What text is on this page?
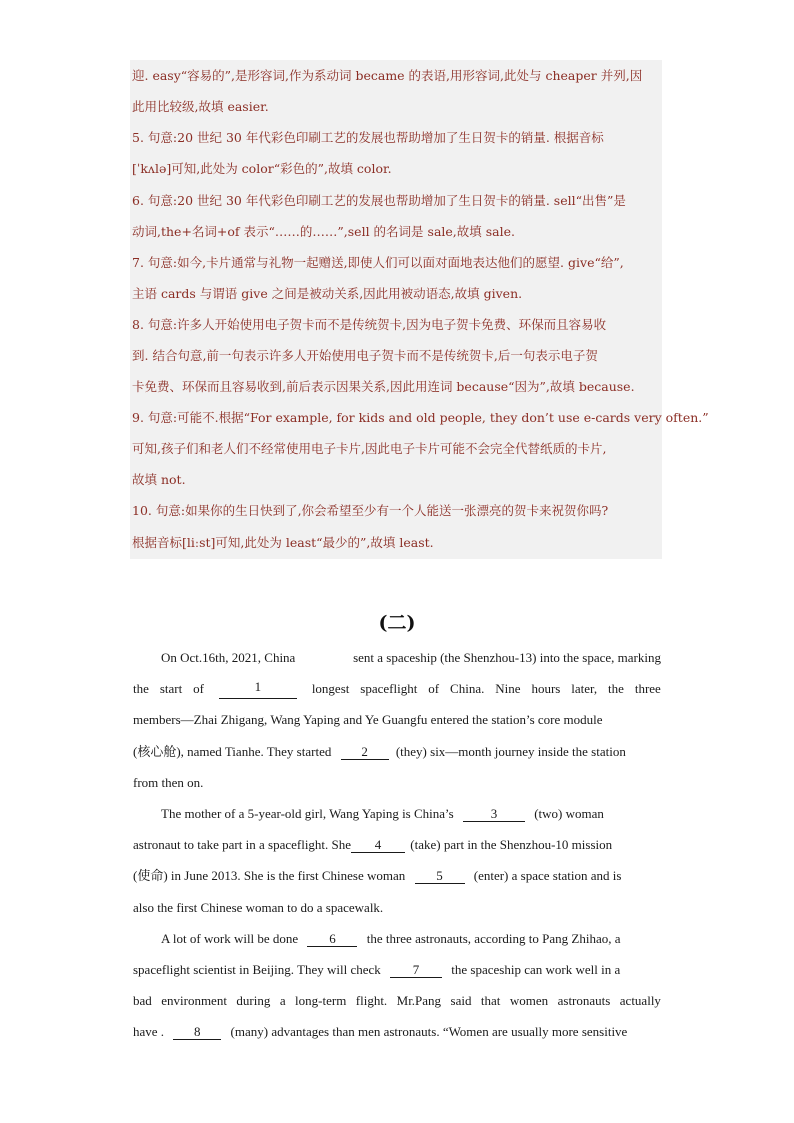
迎. easy“容易的”,是形容词,作为系动词 became 的表语,用形容词,此处与 cheaper 并列,因
此用比较级,故填 easier.
5. 句意:20 世纪 30 年代彩色印刷工艺的发展也帮助增加了生日贺卡的销量. 根据音标
[ˈkʌlə]可知,此处为 color“彩色的”,故填 color.
6. 句意:20 世纪 30 年代彩色印刷工艺的发展也帮助增加了生日贺卡的销量. sell“出售”是
动词,the+名词+of 表示“……的……”,sell 的名词是 sale,故填 sale.
7. 句意:如今,卡片通常与礼物一起赠送,即使人们可以面对面地表达他们的愿望. give“给”,
主语 cards 与谓语 give 之间是被动关系,因此用被动语态,故填 given.
8. 句意:许多人开始使用电子贺卡而不是传统贺卡,因为电子贺卡免费、环保而且容易收
到. 结合句意,前一句表示许多人开始使用电子贺卡而不是传统贺卡,后一句表示电子贺
卡免费、环保而且容易收到,前后表示因果关系,因此用连词 because“因为”,故填 because.
9. 句意:可能不.根据“For example, for kids and old people, they don’t use e-cards very often.”
可知,孩子们和老人们不经常使用电子卡片,因此电子卡片可能不会完全代替纸质的卡片,
故填 not.
10. 句意:如果你的生日快到了,你会希望至少有一个人能送一张漂亮的贺卡来祝贺你吗?
根据音标[liːst]可知,此处为 least“最少的”,故填 least.
(二)
On Oct.16th, 2021, China	sent a spaceship (the Shenzhou-13) into the space, marking
the start of	1	longest spaceflight of China. Nine hours later, the three
members—Zhai Zhigang, Wang Yaping and Ye Guangfu entered the station’s core module
(核心舱), named Tianhe. They started 2 (they) six—month journey inside the station
from then on.
The mother of a 5-year-old girl, Wang Yaping is China’s	3	(two) woman
astronaut to take part in a spaceflight. She 4 (take) part in the Shenzhou-10 mission
(使命) in June 2013. She is the first Chinese woman 5 (enter) a space station and is
also the first Chinese woman to do a spacewalk.
A lot of work will be done 6 the three astronauts, according to Pang Zhihao, a
spaceflight scientist in Beijing. They will check 7 the spaceship can work well in a
bad environment during a long-term flight. Mr.Pang said that women astronauts actually
have . 8 (many) advantages than men astronauts. “Women are usually more sensitive
